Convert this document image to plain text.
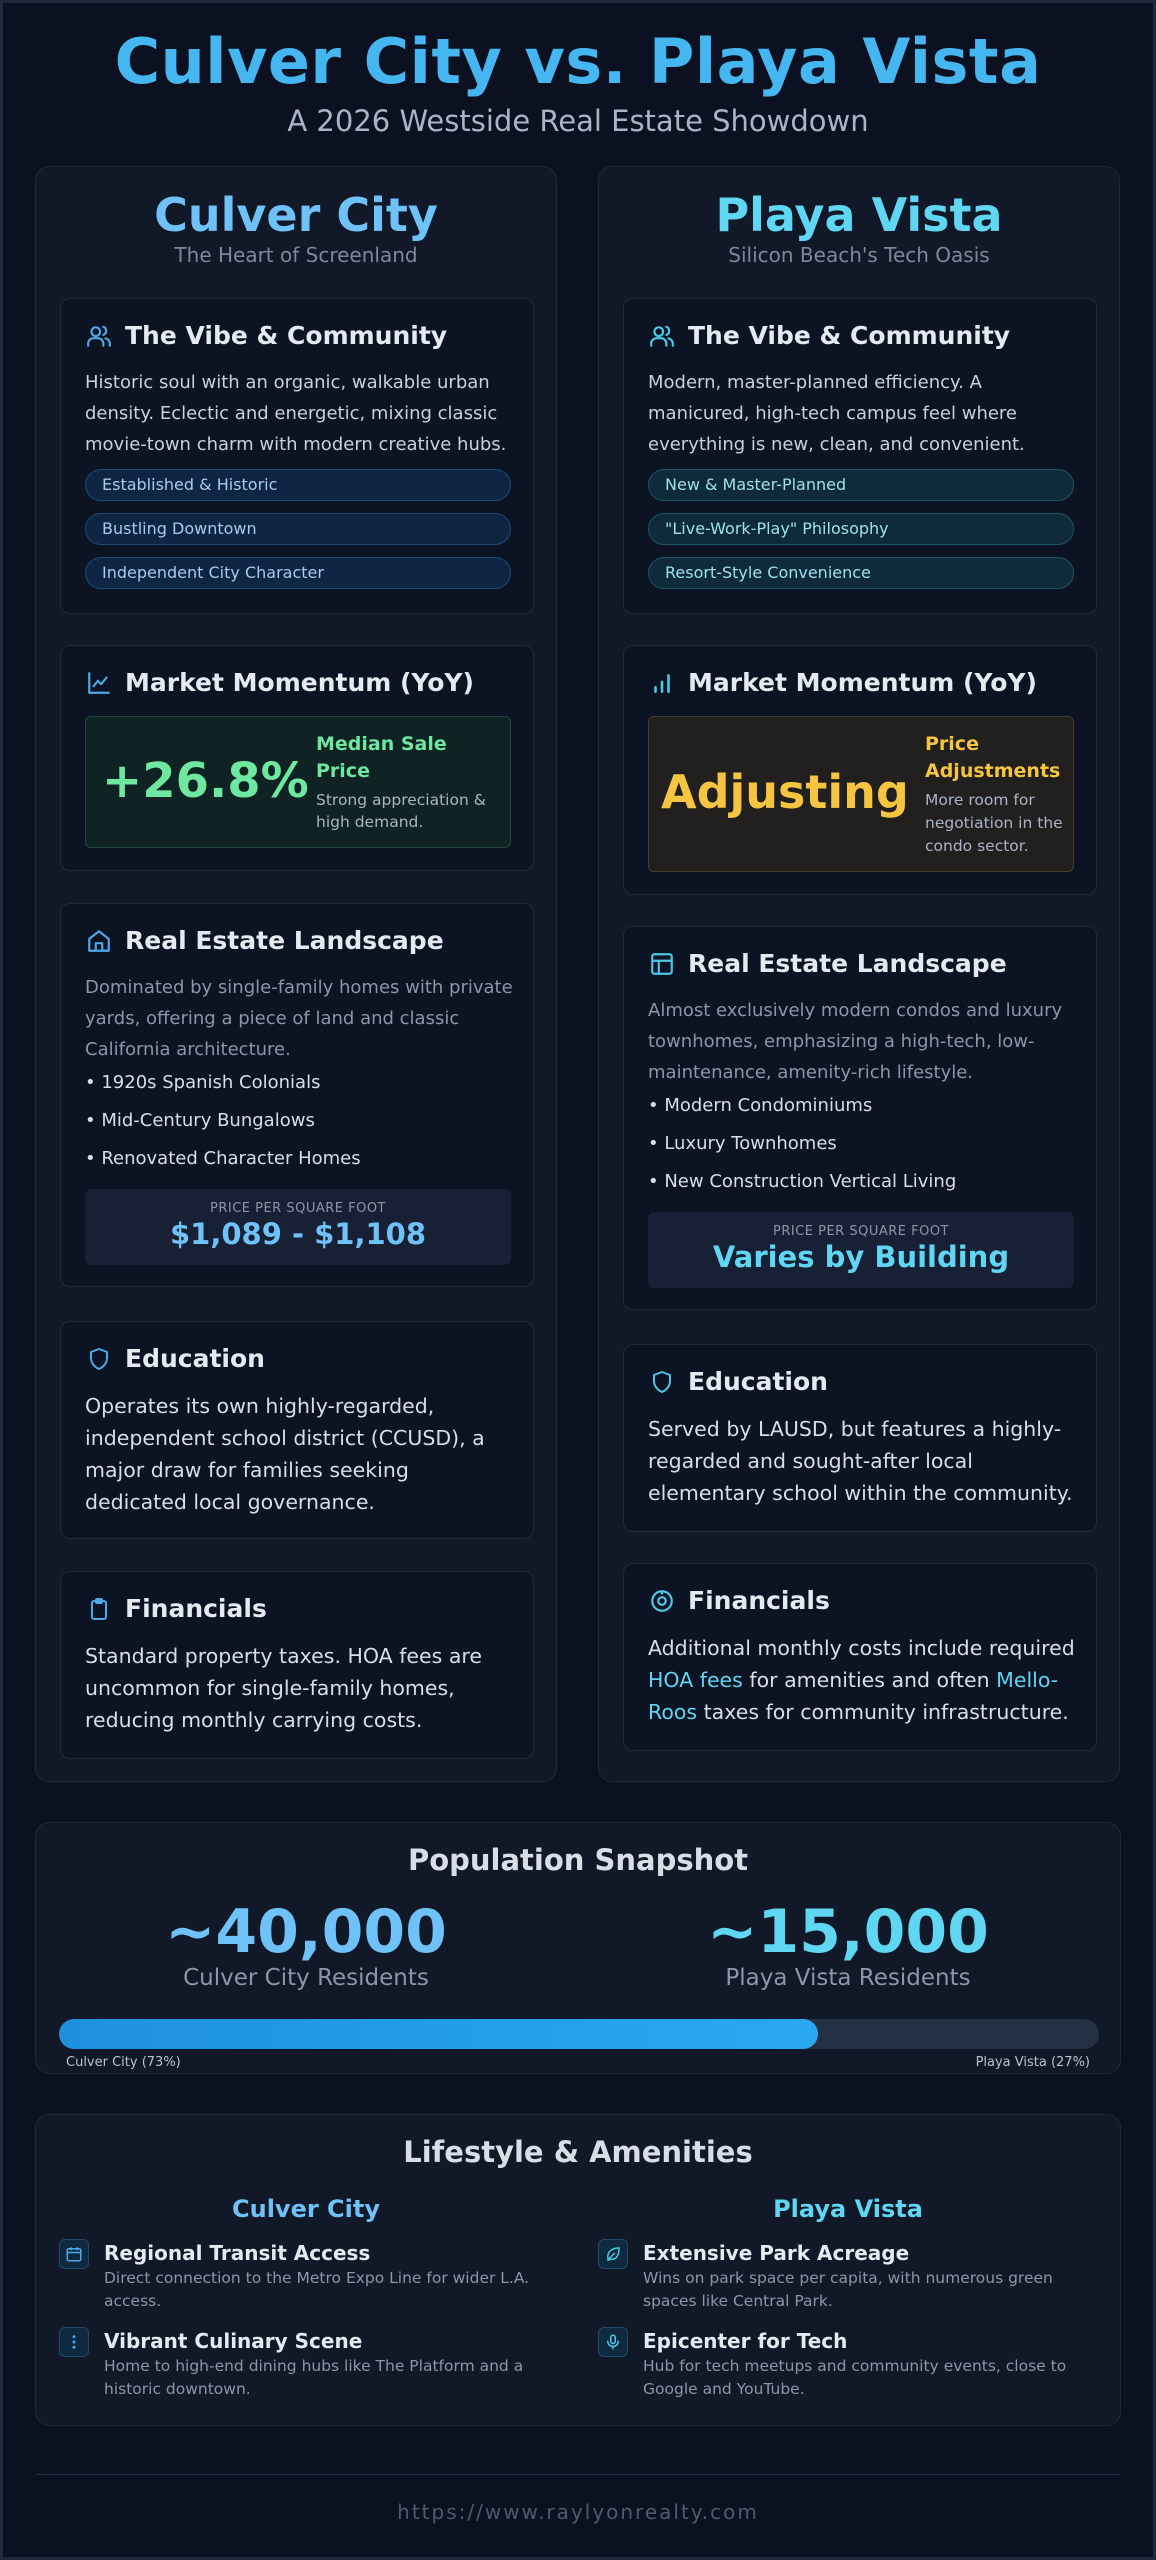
Culver City vs. Playa Vista
A 2026 Westside Real Estate Showdown
Culver City
The Heart of Screenland
The Vibe & Community

Historic soul with an organic, walkable urban density. Eclectic and energetic, mixing classic movie-town charm with modern creative hubs.

Established & Historic
Bustling Downtown
Independent City Character
Market Momentum (YoY)
+26.8%
Median Sale Price
Strong appreciation & high demand.
Real Estate Landscape

Dominated by single-family homes with private yards, offering a piece of land and classic California architecture.

• 1920s Spanish Colonials
• Mid-Century Bungalows
• Renovated Character Homes
PRICE PER SQUARE FOOT
$1,089 - $1,108
Education

Operates its own highly-regarded, independent school district (CCUSD), a major draw for families seeking dedicated local governance.

Financials

Standard property taxes. HOA fees are uncommon for single-family homes, reducing monthly carrying costs.

Playa Vista
Silicon Beach's Tech Oasis
The Vibe & Community

Modern, master-planned efficiency. A manicured, high-tech campus feel where everything is new, clean, and convenient.

New & Master-Planned
"Live-Work-Play" Philosophy
Resort-Style Convenience
Market Momentum (YoY)
Adjusting
Price Adjustments
More room for negotiation in the condo sector.
Real Estate Landscape

Almost exclusively modern condos and luxury townhomes, emphasizing a high-tech, low-maintenance, amenity-rich lifestyle.

• Modern Condominiums
• Luxury Townhomes
• New Construction Vertical Living
PRICE PER SQUARE FOOT
Varies by Building
Education

Served by LAUSD, but features a highly-regarded and sought-after local elementary school within the community.

Financials

Additional monthly costs include required HOA fees for amenities and often Mello-Roos taxes for community infrastructure.

Population Snapshot
~40,000
Culver City Residents
~15,000
Playa Vista Residents
Culver City (73%)	Playa Vista (27%)
Lifestyle & Amenities
Culver City	Playa Vista
Regional Transit Access
Direct connection to the Metro Expo Line for wider L.A. access.
Vibrant Culinary Scene
Home to high-end dining hubs like The Platform and a historic downtown.
Extensive Park Acreage
Wins on park space per capita, with numerous green spaces like Central Park.
Epicenter for Tech
Hub for tech meetups and community events, close to Google and YouTube.
https://www.raylyonrealty.com
